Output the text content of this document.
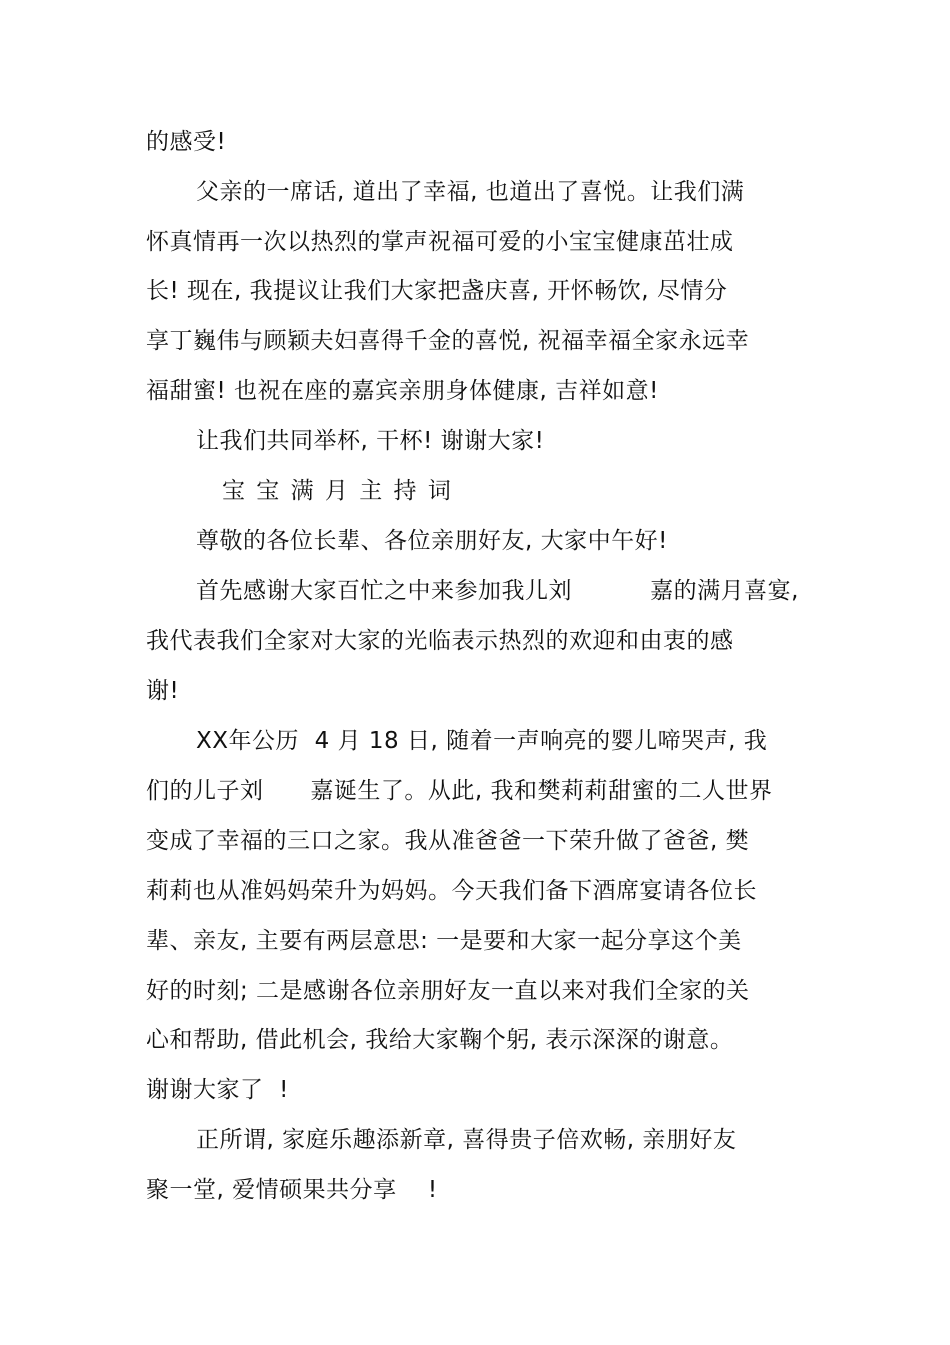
的感受!
父亲的一席话, 道出了幸福, 也道出了喜悦。让我们满
怀真情再一次以热烈的掌声祝福可爱的小宝宝健康茁壮成
长! 现在, 我提议让我们大家把盏庆喜, 开怀畅饮, 尽情分
享丁巍伟与顾颖夫妇喜得千金的喜悦, 祝福幸福全家永远幸
福甜蜜! 也祝在座的嘉宾亲朋身体健康, 吉祥如意!
让我们共同举杯, 干杯! 谢谢大家!
宝 宝 满 月 主 持 词
尊敬的各位长辈、各位亲朋好友, 大家中午好!
首先感谢大家百忙之中来参加我儿刘          嘉的满月喜宴,
我代表我们全家对大家的光临表示热烈的欢迎和由衷的感
谢!
XX年公历  4 月 18 日, 随着一声响亮的婴儿啼哭声, 我
们的儿子刘      嘉诞生了。从此, 我和樊莉莉甜蜜的二人世界
变成了幸福的三口之家。我从准爸爸一下荣升做了爸爸, 樊
莉莉也从准妈妈荣升为妈妈。今天我们备下酒席宴请各位长
辈、亲友, 主要有两层意思: 一是要和大家一起分享这个美
好的时刻; 二是感谢各位亲朋好友一直以来对我们全家的关
心和帮助, 借此机会, 我给大家鞠个躬, 表示深深的谢意。
谢谢大家了  !
正所谓, 家庭乐趣添新章, 喜得贵子倍欢畅, 亲朋好友
聚一堂, 爱情硕果共分享    !
